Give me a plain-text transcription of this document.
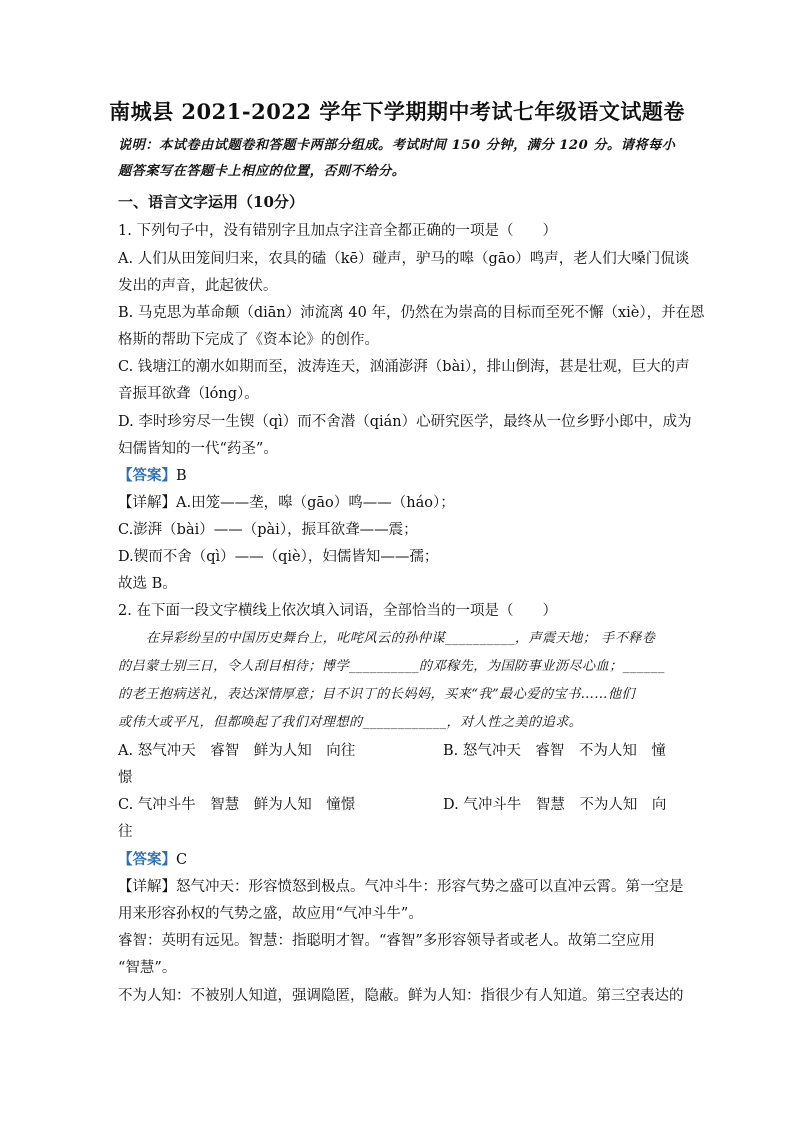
南城县 2021-2022 学年下学期期中考试七年级语文试题卷
说明：本试卷由试题卷和答题卡两部分组成。考试时间 150 分钟，满分 120 分。请将每小
题答案写在答题卡上相应的位置，否则不给分。
一、语言文字运用（10分）
1. 下列句子中，没有错别字且加点字注音全都正确的一项是（　　）
A. 人们从田笼间归来，农具的磕（kē）碰声，驴马的嗥（gāo）鸣声，老人们大嗓门侃谈
发出的声音，此起彼伏。
B. 马克思为革命颠（diān）沛流离 40 年，仍然在为崇高的目标而至死不懈（xiè），并在恩
格斯的帮助下完成了《资本论》的创作。
C. 钱塘江的潮水如期而至，波涛连天，汹涌澎湃（bài），排山倒海，甚是壮观，巨大的声
音振耳欲聋（lóng）。
D. 李时珍穷尽一生锲（qì）而不舍潜（qián）心研究医学，最终从一位乡野小郎中，成为
妇儒皆知的一代“药圣”。
【答案】B
【详解】A.田笼——垄，嗥（gāo）鸣——（háo）；
C.澎湃（bài）——（pài），振耳欲聋——震；
D.锲而不舍（qì）——（qiè），妇儒皆知——孺；
故选 B。
2. 在下面一段文字横线上依次填入词语，全部恰当的一项是（　　）
在异彩纷呈的中国历史舞台上，叱咤风云的孙仲谋__________，声震天地； 手不释卷
的吕蒙士别三日，令人刮目相待；博学__________的邓稼先，为国防事业沥尽心血；______
的老王抱病送礼，表达深情厚意；目不识丁的长妈妈，买来“我”最心爱的宝书……他们
或伟大或平凡，但都唤起了我们对理想的____________，对人性之美的追求。
A. 怒气冲天　睿智　鲜为人知　向往	B. 怒气冲天　睿智　不为人知　憧
憬
C. 气冲斗牛　智慧　鲜为人知　憧憬	D. 气冲斗牛　智慧　不为人知　向
往
【答案】C
【详解】怒气冲天：形容愤怒到极点。气冲斗牛：形容气势之盛可以直冲云霄。第一空是
用来形容孙权的气势之盛，故应用“气冲斗牛”。
睿智：英明有远见。智慧：指聪明才智。“睿智”多形容领导者或老人。故第二空应用
“智慧”。
不为人知：不被别人知道，强调隐匿，隐蔽。鲜为人知：指很少有人知道。第三空表达的
